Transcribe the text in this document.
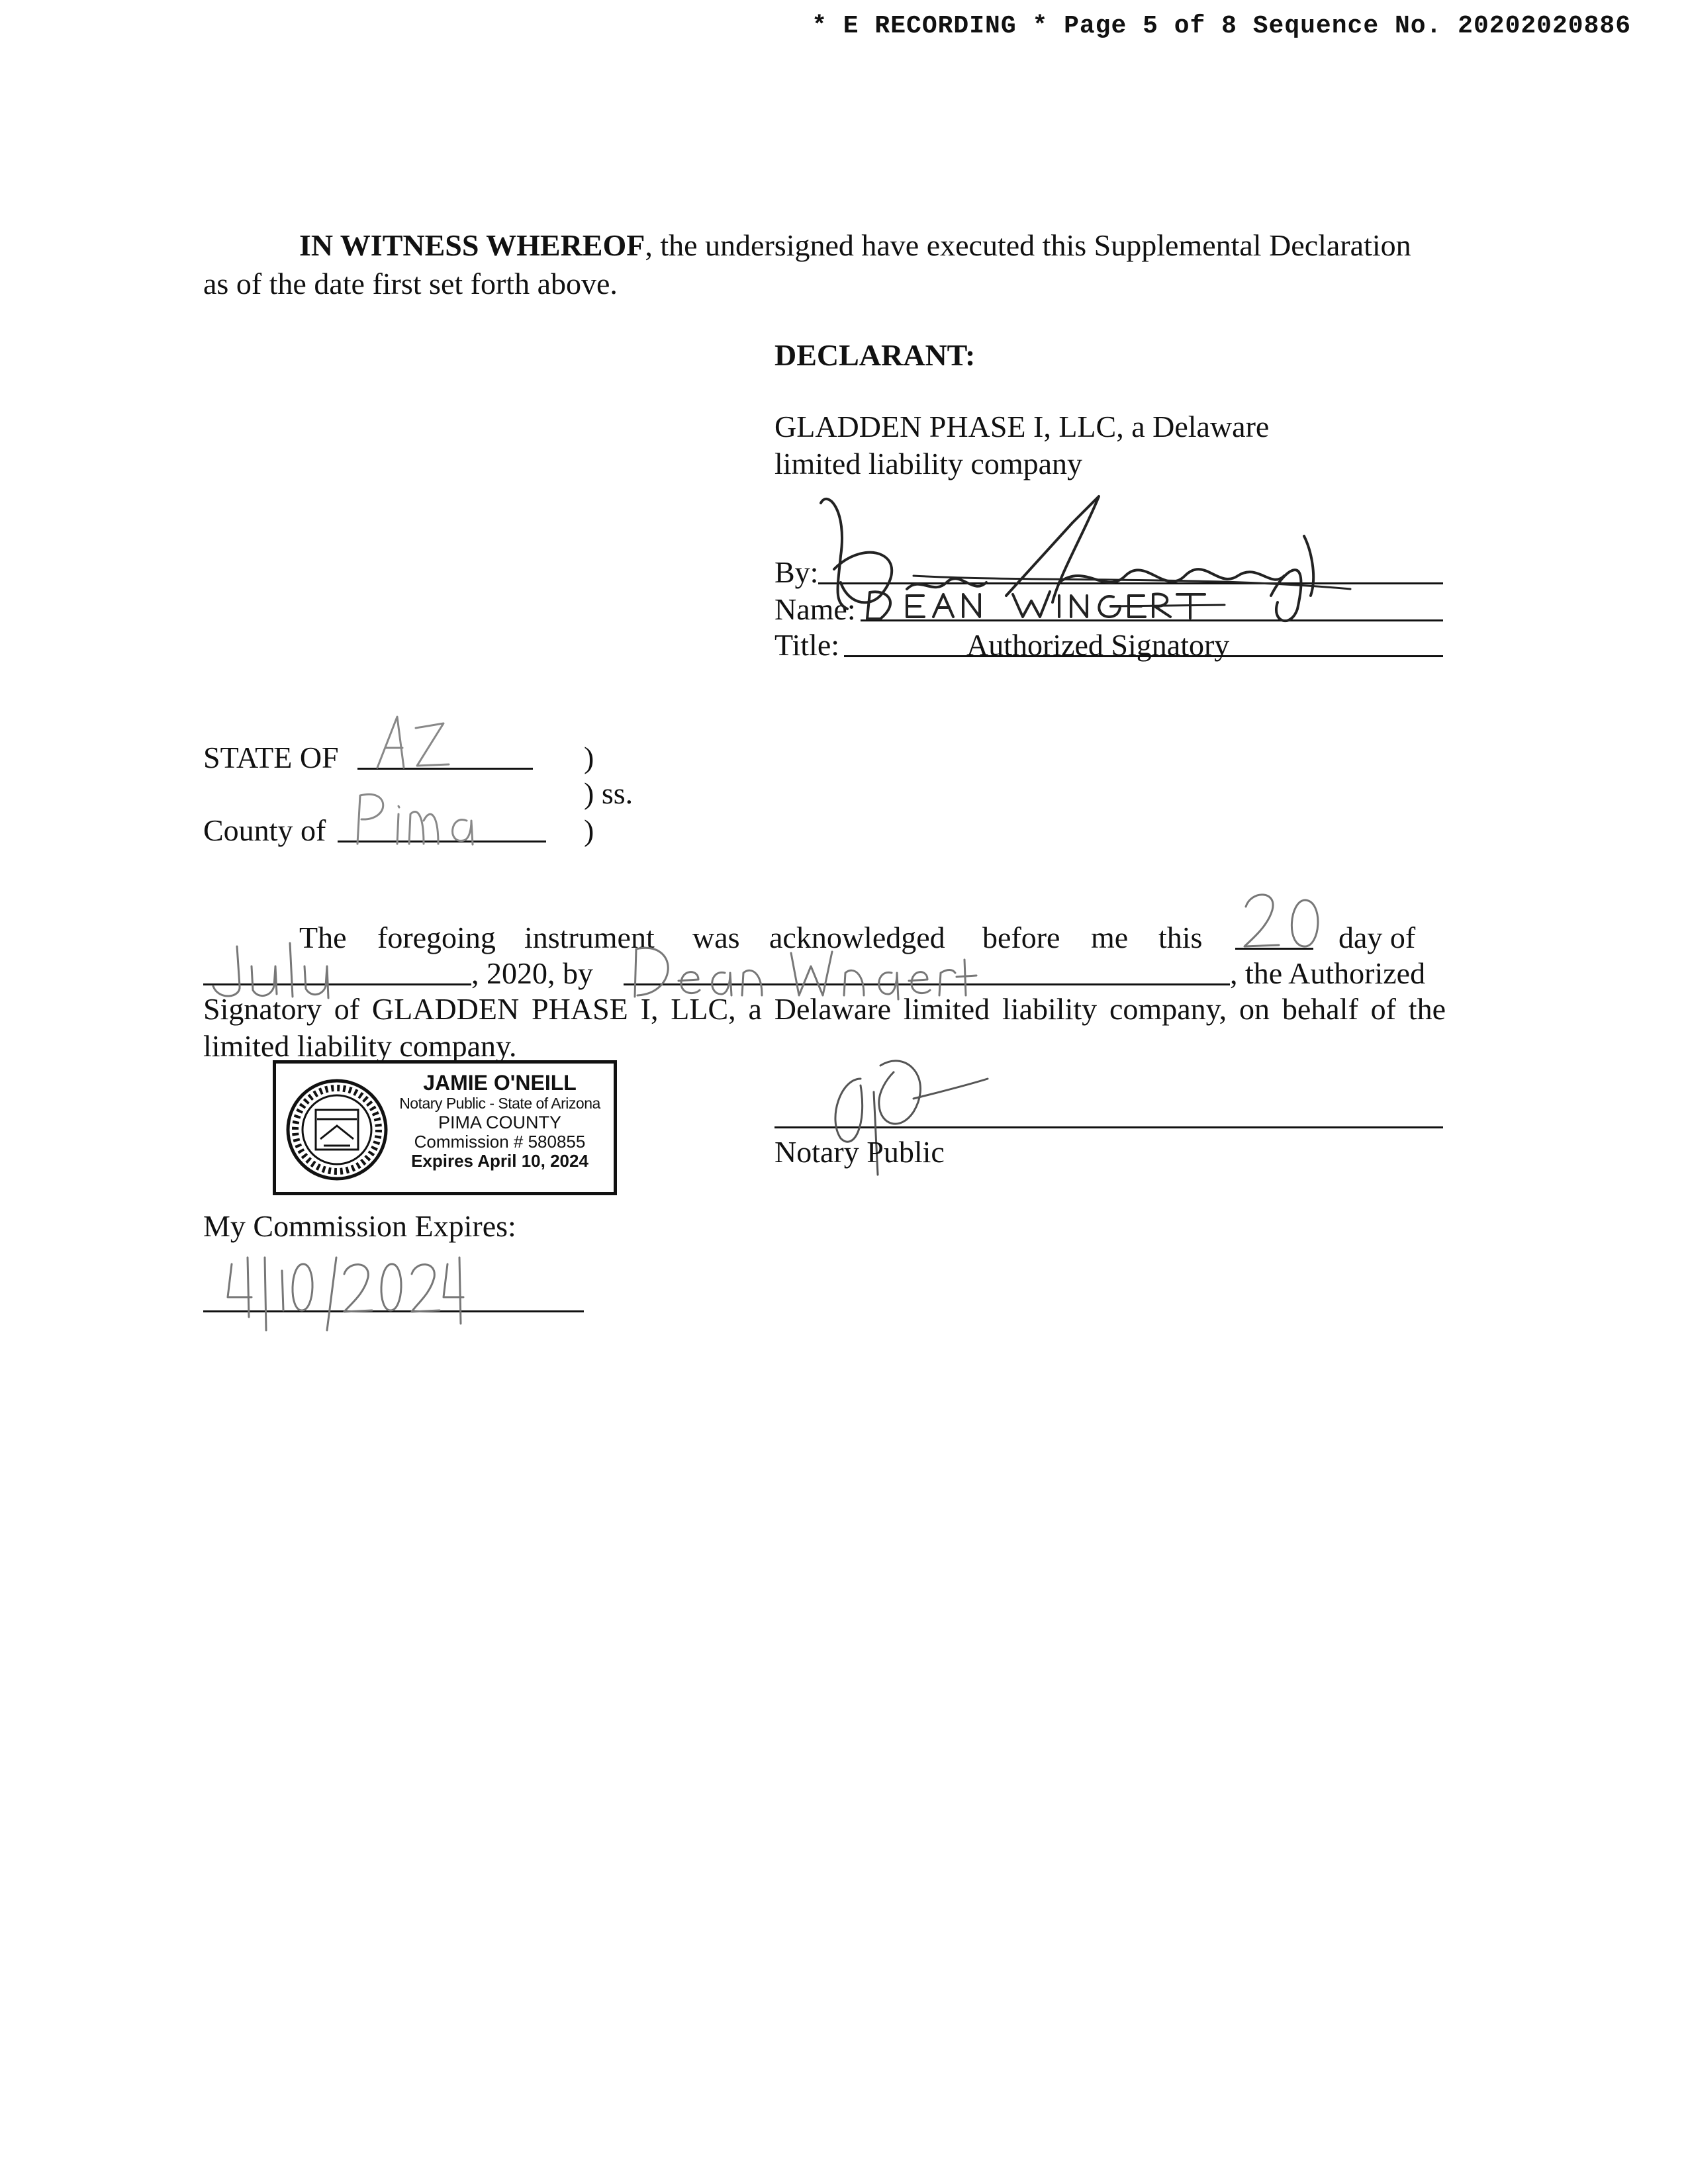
* E RECORDING * Page 5 of 8 Sequence No. 20202020886
IN WITNESS WHEREOF, the undersigned have executed this Supplemental Declaration
as of the date first set forth above.
DECLARANT:
GLADDEN PHASE I, LLC, a Delaware
limited liability company
By:
Name:
Title:	Authorized Signatory
STATE OF	)
) ss.
County of	)
The foregoing instrument was acknowledged before me this	day of
, 2020, by	, the Authorized
Signatory of GLADDEN PHASE I, LLC, a Delaware limited liability company, on behalf of the
limited liability company.
JAMIE O'NEILL
Notary Public - State of Arizona
PIMA COUNTY
Commission # 580855
Expires April 10, 2024	Notary Public
My Commission Expires:
